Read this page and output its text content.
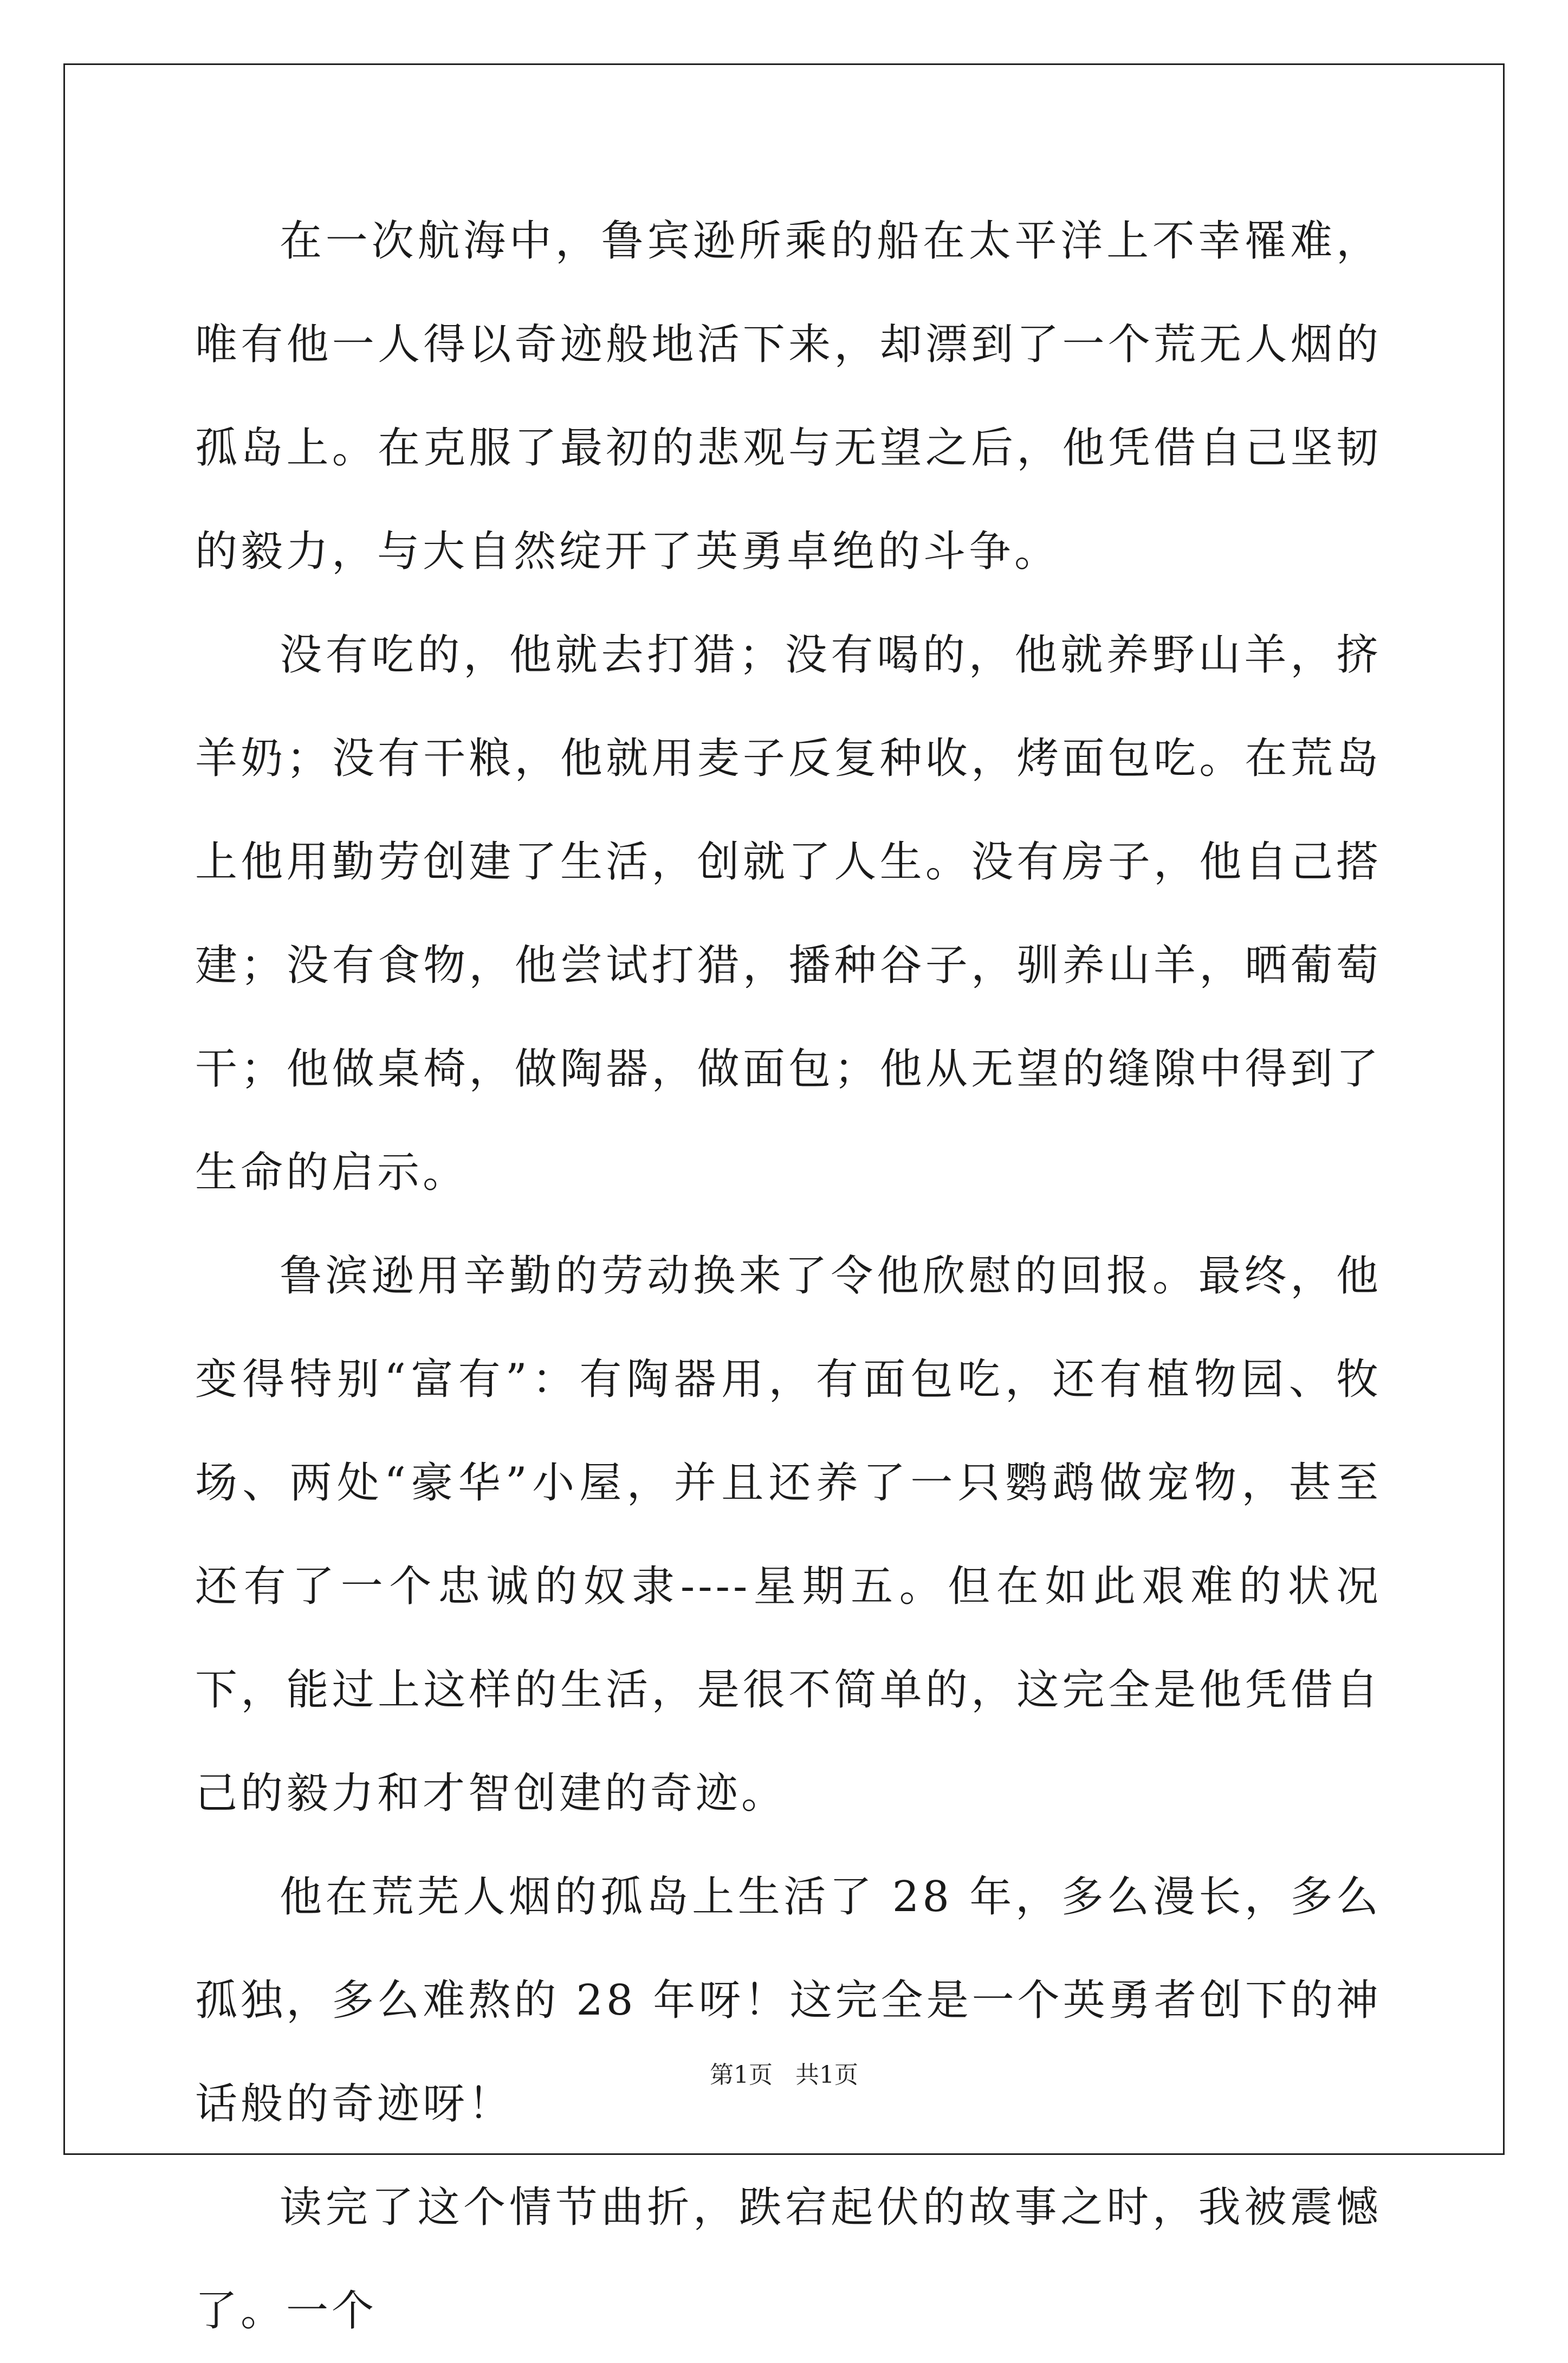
在一次航海中，鲁宾逊所乘的船在太平洋上不幸罹难，唯有他一人得以奇迹般地活下来，却漂到了一个荒无人烟的孤岛上。在克服了最初的悲观与无望之后，他凭借自己坚韧的毅力，与大自然绽开了英勇卓绝的斗争。

没有吃的，他就去打猎；没有喝的，他就养野山羊，挤羊奶；没有干粮，他就用麦子反复种收，烤面包吃。在荒岛上他用勤劳创建了生活，创就了人生。没有房子，他自己搭建；没有食物，他尝试打猎，播种谷子，驯养山羊，晒葡萄干；他做桌椅，做陶器，做面包；他从无望的缝隙中得到了生命的启示。

鲁滨逊用辛勤的劳动换来了令他欣慰的回报。最终，他变得特别“富有”：有陶器用，有面包吃，还有植物园、牧场、两处“豪华”小屋，并且还养了一只鹦鹉做宠物，甚至还有了一个忠诚的奴隶----星期五。但在如此艰难的状况下，能过上这样的生活，是很不简单的，这完全是他凭借自己的毅力和才智创建的奇迹。

他在荒芜人烟的孤岛上生活了 28 年，多么漫长，多么孤独，多么难熬的 28 年呀！这完全是一个英勇者创下的神话般的奇迹呀！

读完了这个情节曲折，跌宕起伏的故事之时，我被震憾了。一个

第1页   共1页
